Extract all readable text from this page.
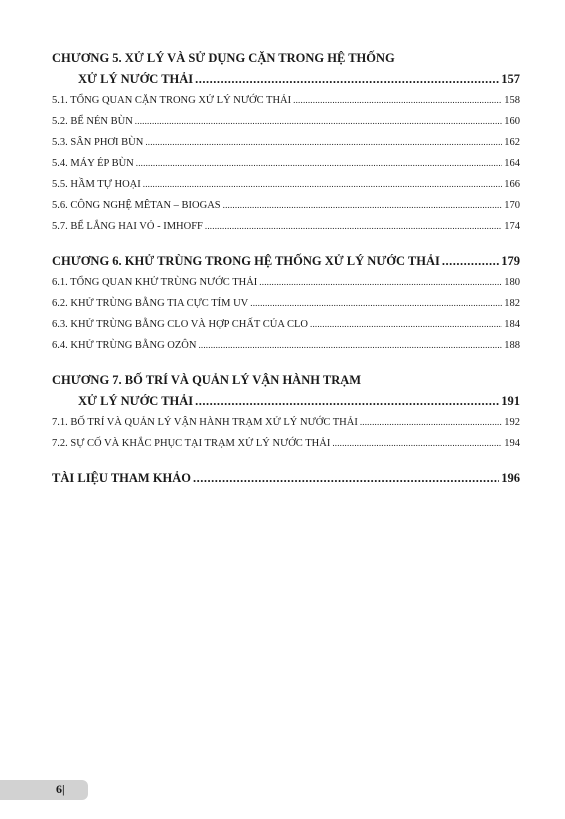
CHƯƠNG 5. XỬ LÝ VÀ SỬ DỤNG CẶN TRONG HỆ THỐNG
XỬ LÝ NƯỚC THẢI .....	157
5.1. TỔNG QUAN CẶN TRONG XỬ LÝ NƯỚC THẢI .....	158
5.2. BỂ NÉN BÙN .....	160
5.3. SÂN PHƠI BÙN .....	162
5.4. MÁY ÉP BÙN .....	164
5.5. HẦM TỰ HOẠI .....	166
5.6. CÔNG NGHỆ MÊTAN – BIOGAS .....	170
5.7. BỂ LẮNG HAI VỎ - IMHOFF .....	174
CHƯƠNG 6. KHỬ TRÙNG TRONG HỆ THỐNG XỬ LÝ NƯỚC THẢI .....	179
6.1. TỔNG QUAN KHỬ TRÙNG NƯỚC THẢI .....	180
6.2. KHỬ TRÙNG BẰNG TIA CỰC TÍM UV .....	182
6.3. KHỬ TRÙNG BẰNG CLO VÀ HỢP CHẤT CỦA CLO .....	184
6.4. KHỬ TRÙNG BẰNG OZÔN .....	188
CHƯƠNG 7. BỐ TRÍ VÀ QUẢN LÝ VẬN HÀNH TRẠM
XỬ LÝ NƯỚC THẢI .....	191
7.1. BỐ TRÍ VÀ QUẢN LÝ VẬN HÀNH TRẠM XỬ LÝ NƯỚC THẢI .....	192
7.2. SỰ CỐ VÀ KHẮC PHỤC TẠI TRẠM XỬ LÝ NƯỚC THẢI .....	194
TÀI LIỆU THAM KHẢO .....	196
6|
